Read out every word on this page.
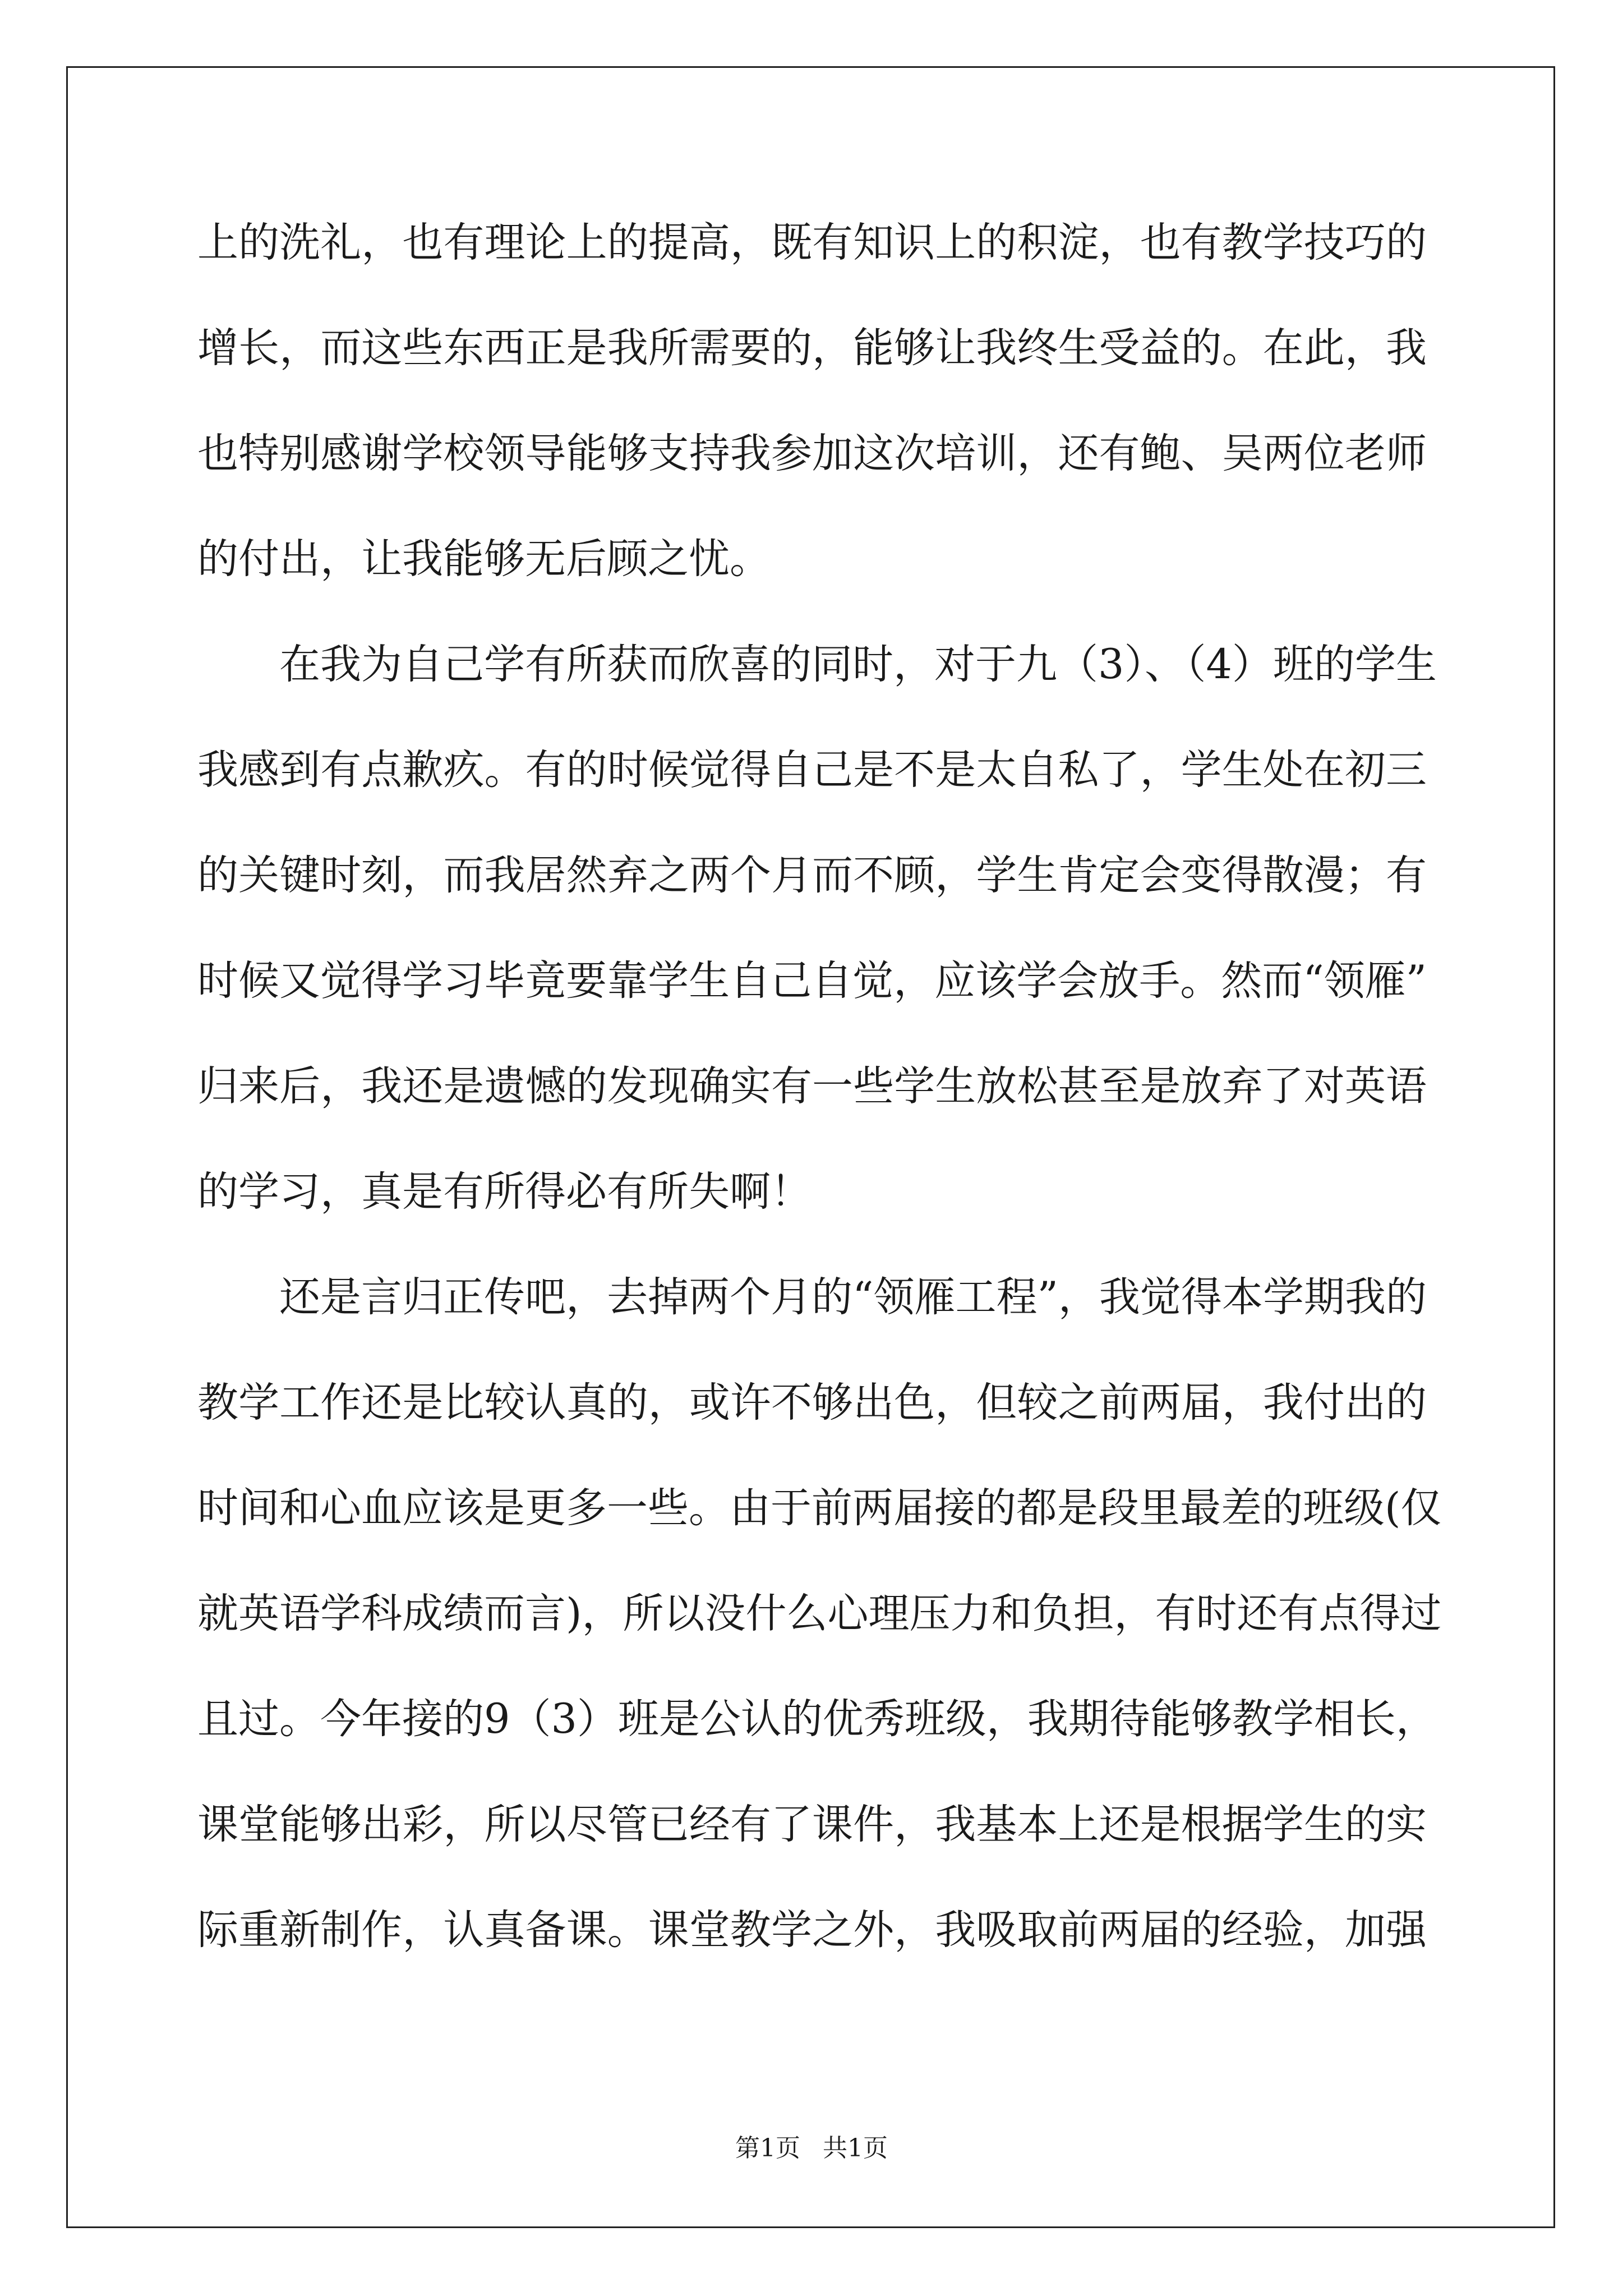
上的洗礼，也有理论上的提高，既有知识上的积淀，也有教学技巧的
增长，而这些东西正是我所需要的，能够让我终生受益的。在此，我
也特别感谢学校领导能够支持我参加这次培训，还有鲍、吴两位老师
的付出，让我能够无后顾之忧。
在我为自己学有所获而欣喜的同时，对于九（3）、（4）班的学生
我感到有点歉疚。有的时候觉得自己是不是太自私了，学生处在初三
的关键时刻，而我居然弃之两个月而不顾，学生肯定会变得散漫；有
时候又觉得学习毕竟要靠学生自己自觉，应该学会放手。然而“领雁”
归来后，我还是遗憾的发现确实有一些学生放松甚至是放弃了对英语
的学习，真是有所得必有所失啊！
还是言归正传吧，去掉两个月的“领雁工程”，我觉得本学期我的
教学工作还是比较认真的，或许不够出色，但较之前两届，我付出的
时间和心血应该是更多一些。由于前两届接的都是段里最差的班级(仅
就英语学科成绩而言)，所以没什么心理压力和负担，有时还有点得过
且过。今年接的9（3）班是公认的优秀班级，我期待能够教学相长，
课堂能够出彩，所以尽管已经有了课件，我基本上还是根据学生的实
际重新制作，认真备课。课堂教学之外，我吸取前两届的经验，加强
第1页 共1页
